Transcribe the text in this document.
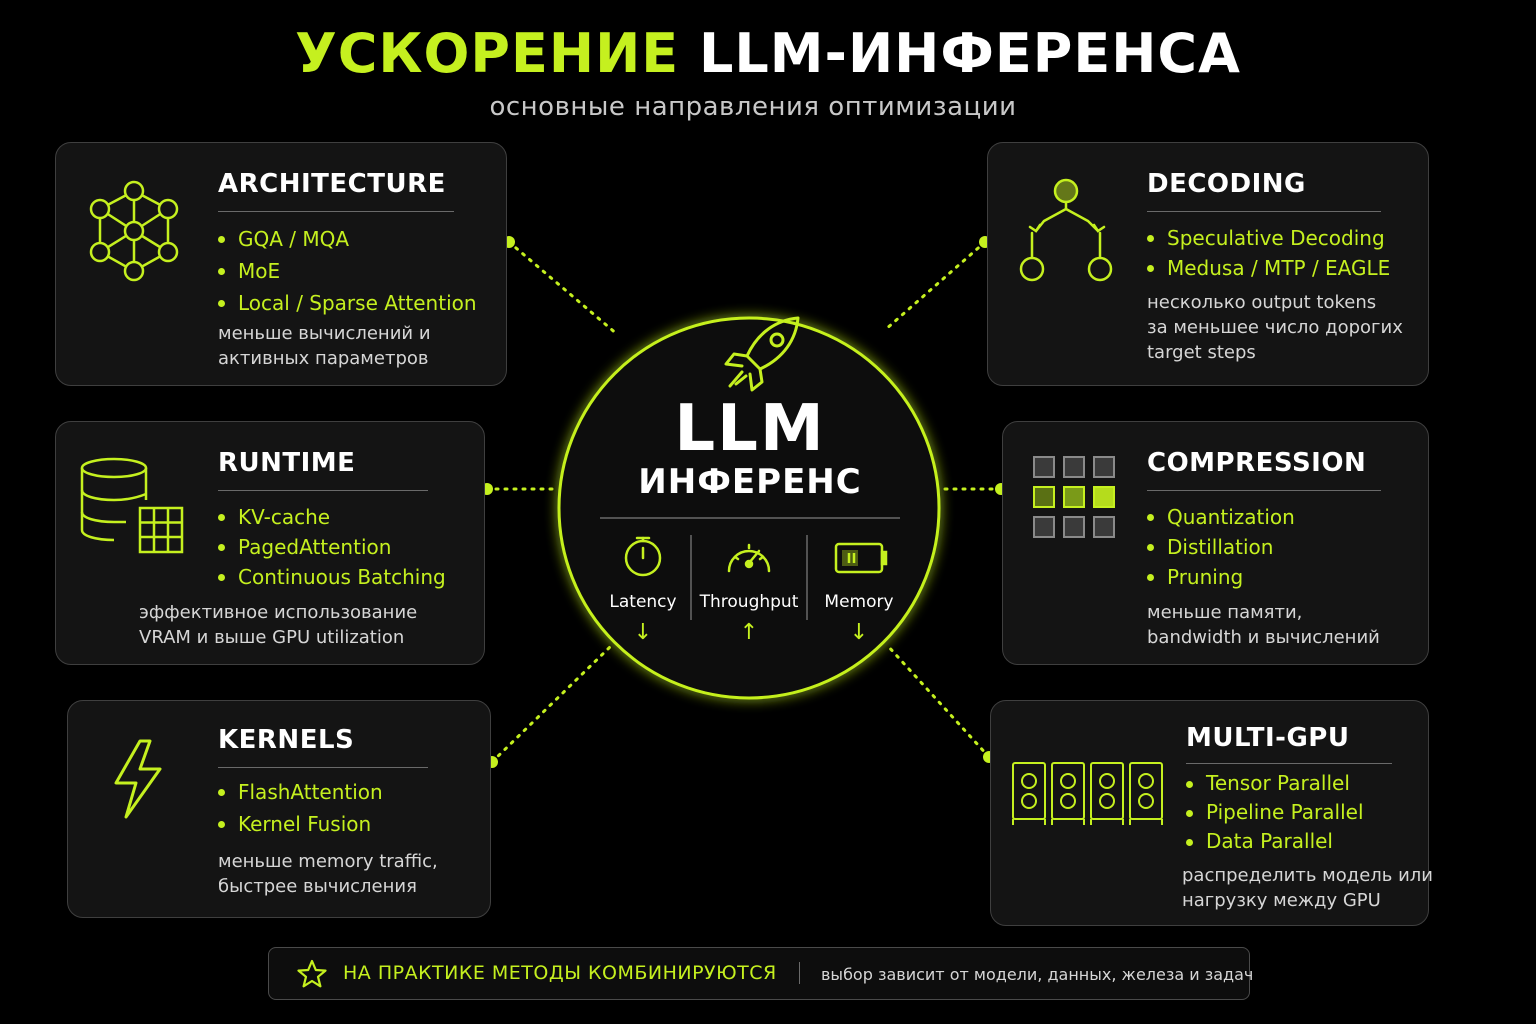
УСКОРЕНИЕ LLM-ИНФЕРЕНСА
основные направления оптимизации
LLM
ИНФЕРЕНС
Latency	Throughput	Memory
↓	↑	↓
ARCHITECTURE
GQA / MQA
MoE
Local / Sparse Attention
меньше вычислений и
активных параметров
RUNTIME
KV-cache
PagedAttention
Continuous Batching
эффективное использование
VRAM и выше GPU utilization
KERNELS
FlashAttention
Kernel Fusion
меньше memory traffic,
быстрее вычисления
DECODING
Speculative Decoding
Medusa / MTP / EAGLE
несколько output tokens
за меньшее число дорогих
target steps
COMPRESSION
Quantization
Distillation
Pruning
меньше памяти,
bandwidth и вычислений
MULTI-GPU
Tensor Parallel
Pipeline Parallel
Data Parallel
распределить модель или
нагрузку между GPU
НА ПРАКТИКЕ МЕТОДЫ КОМБИНИРУЮТСЯ	выбор зависит от модели, данных, железа и задач
